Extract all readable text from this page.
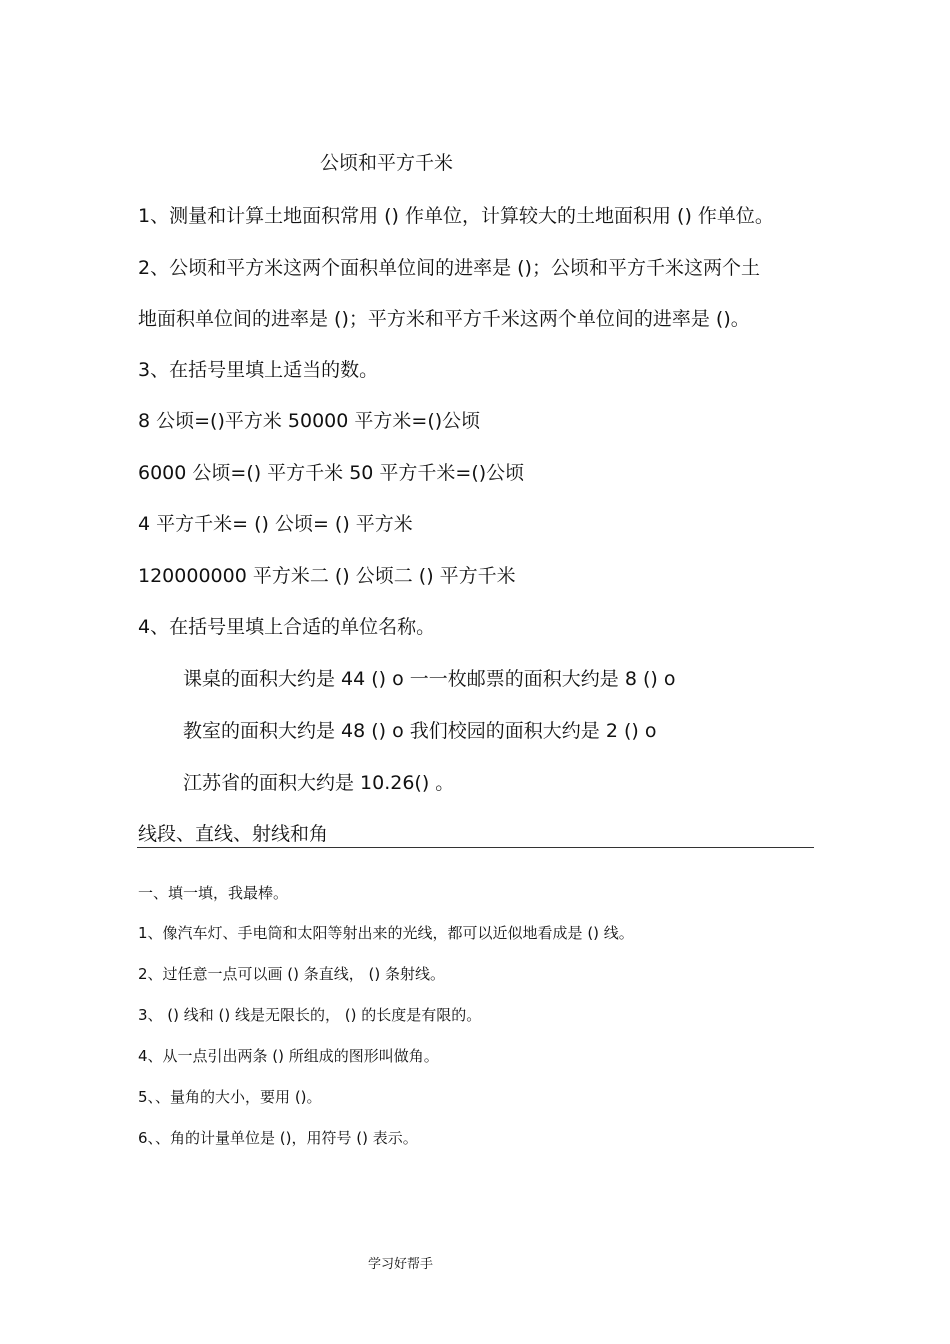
公顷和平方千米

1、测量和计算土地面积常用 () 作单位，计算较大的土地面积用 () 作单位。

2、公顷和平方米这两个面积单位间的进率是 ()；公顷和平方千米这两个土

地面积单位间的进率是 ()；平方米和平方千米这两个单位间的进率是 ()。

3、在括号里填上适当的数。

8 公顷=()平方米 50000 平方米=()公顷

6000 公顷=() 平方千米 50 平方千米=()公顷

4 平方千米= () 公顷= () 平方米

120000000 平方米二 () 公顷二 () 平方千米

4、在括号里填上合适的单位名称。

课桌的面积大约是 44 () o 一一枚邮票的面积大约是 8 () o

教室的面积大约是 48 () o 我们校园的面积大约是 2 () o

江苏省的面积大约是 10.26() 。

线段、直线、射线和角

一、填一填，我最棒。

1、像汽车灯、手电筒和太阳等射出来的光线，都可以近似地看成是 () 线。

2、过任意一点可以画 () 条直线， () 条射线。

3、 () 线和 () 线是无限长的， () 的长度是有限的。

4、从一点引出两条 () 所组成的图形叫做角。

5、、量角的大小，要用 ()。

6、、角的计量单位是 ()，用符号 () 表示。

学习好帮手
